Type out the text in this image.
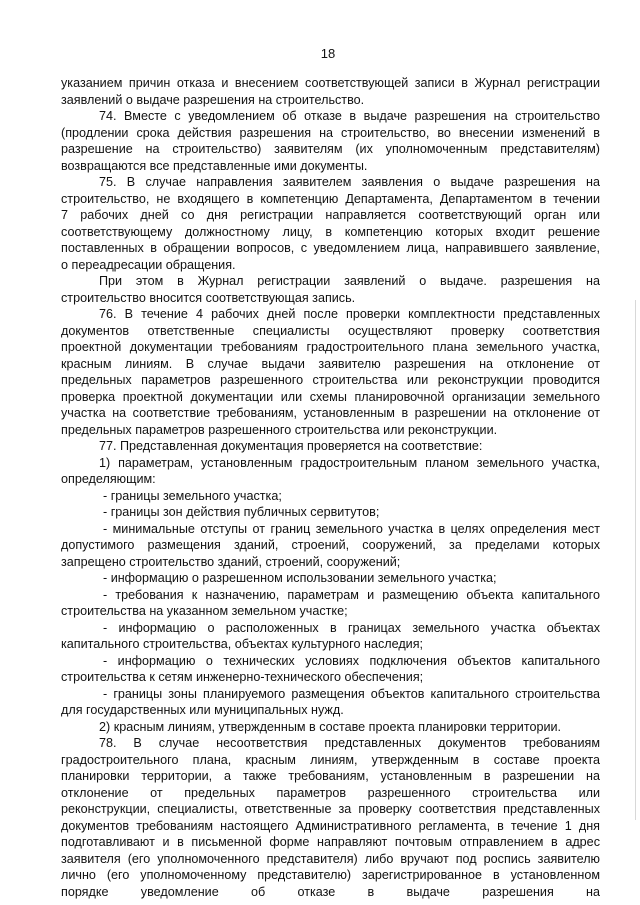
18
указанием причин отказа и внесением соответствующей записи в Журнал регистрации
заявлений о выдаче разрешения на строительство.
74. Вместе с уведомлением об отказе в выдаче разрешения на строительство
(продлении срока действия разрешения на строительство, во внесении изменений в
разрешение на строительство) заявителям (их уполномоченным представителям)
возвращаются все представленные ими документы.
75. В случае направления заявителем заявления о выдаче разрешения на
строительство, не входящего в компетенцию Департамента, Департаментом в течении
7 рабочих дней со дня регистрации направляется соответствующий орган или
соответствующему должностному лицу, в компетенцию которых входит решение
поставленных в обращении вопросов, с уведомлением лица, направившего заявление,
о переадресации обращения.
При этом в Журнал регистрации заявлений о выдаче. разрешения на
строительство вносится соответствующая запись.
76. В течение 4 рабочих дней после проверки комплектности представленных
документов ответственные специалисты осуществляют проверку соответствия
проектной документации требованиям градостроительного плана земельного участка,
красным линиям. В случае выдачи заявителю разрешения на отклонение от
предельных параметров разрешенного строительства или реконструкции проводится
проверка проектной документации или схемы планировочной организации земельного
участка на соответствие требованиям, установленным в разрешении на отклонение от
предельных параметров разрешенного строительства или реконструкции.
77. Представленная документация проверяется на соответствие:
1) параметрам, установленным градостроительным планом земельного участка,
определяющим:
- границы земельного участка;
- границы зон действия публичных сервитутов;
- минимальные отступы от границ земельного участка в целях определения мест
допустимого размещения зданий, строений, сооружений, за пределами которых
запрещено строительство зданий, строений, сооружений;
- информацию о разрешенном использовании земельного участка;
- требования к назначению, параметрам и размещению объекта капитального
строительства на указанном земельном участке;
- информацию о расположенных в границах земельного участка объектах
капитального строительства, объектах культурного наследия;
- информацию о технических условиях подключения объектов капитального
строительства к сетям инженерно-технического обеспечения;
- границы зоны планируемого размещения объектов капитального строительства
для государственных или муниципальных нужд.
2) красным линиям, утвержденным в составе проекта планировки территории.
78. В случае несоответствия представленных документов требованиям
градостроительного плана, красным линиям, утвержденным в составе проекта
планировки территории, а также требованиям, установленным в разрешении на
отклонение от предельных параметров разрешенного строительства или
реконструкции, специалисты, ответственные за проверку соответствия представленных
документов требованиям настоящего Административного регламента, в течение 1 дня
подготавливают и в письменной форме направляют почтовым отправлением в адрес
заявителя (его уполномоченного представителя) либо вручают под роспись заявителю
лично (его уполномоченному представителю) зарегистрированное в установленном
порядке уведомление об отказе в выдаче разрешения на
